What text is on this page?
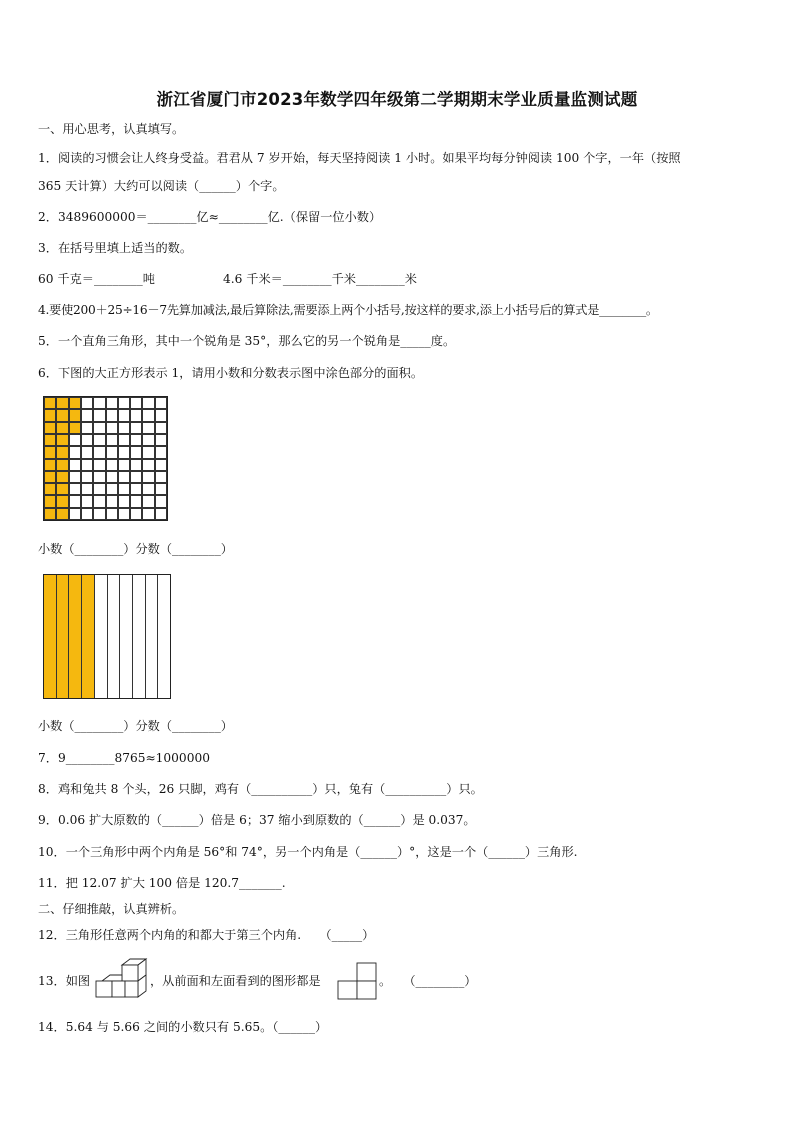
浙江省厦门市2023年数学四年级第二学期期末学业质量监测试题
一、用心思考，认真填写。
1．阅读的习惯会让人终身受益。君君从 7 岁开始，每天坚持阅读 1 小时。如果平均每分钟阅读 100 个字，一年（按照
365 天计算）大约可以阅读（______）个字。
2．3489600000＝________亿≈________亿.（保留一位小数）
3．在括号里填上适当的数。
60 千克＝________吨	4.6 千米＝________千米________米
4.要使200＋25÷16－7先算加减法,最后算除法,需要添上两个小括号,按这样的要求,添上小括号后的算式是________。
5．一个直角三角形，其中一个锐角是 35°，那么它的另一个锐角是_____度。
6．下图的大正方形表示 1，请用小数和分数表示图中涂色部分的面积。
小数（________）分数（________）
小数（________）分数（________）
7．9________8765≈1000000
8．鸡和兔共 8 个头，26 只脚，鸡有（__________）只，兔有（__________）只。
9．0.06 扩大原数的（______）倍是 6；37 缩小到原数的（______）是 0.037。
10．一个三角形中两个内角是 56°和 74°，另一个内角是（______）°，这是一个（______）三角形.
11．把 12.07 扩大 100 倍是 120.7_______.
二、仔细推敲，认真辨析。
12．三角形任意两个内角的和都大于第三个内角.　　（_____）
13．如图	，从前面和左面看到的图形都是	。　　（________）
14．5.64 与 5.66 之间的小数只有 5.65。（______）
